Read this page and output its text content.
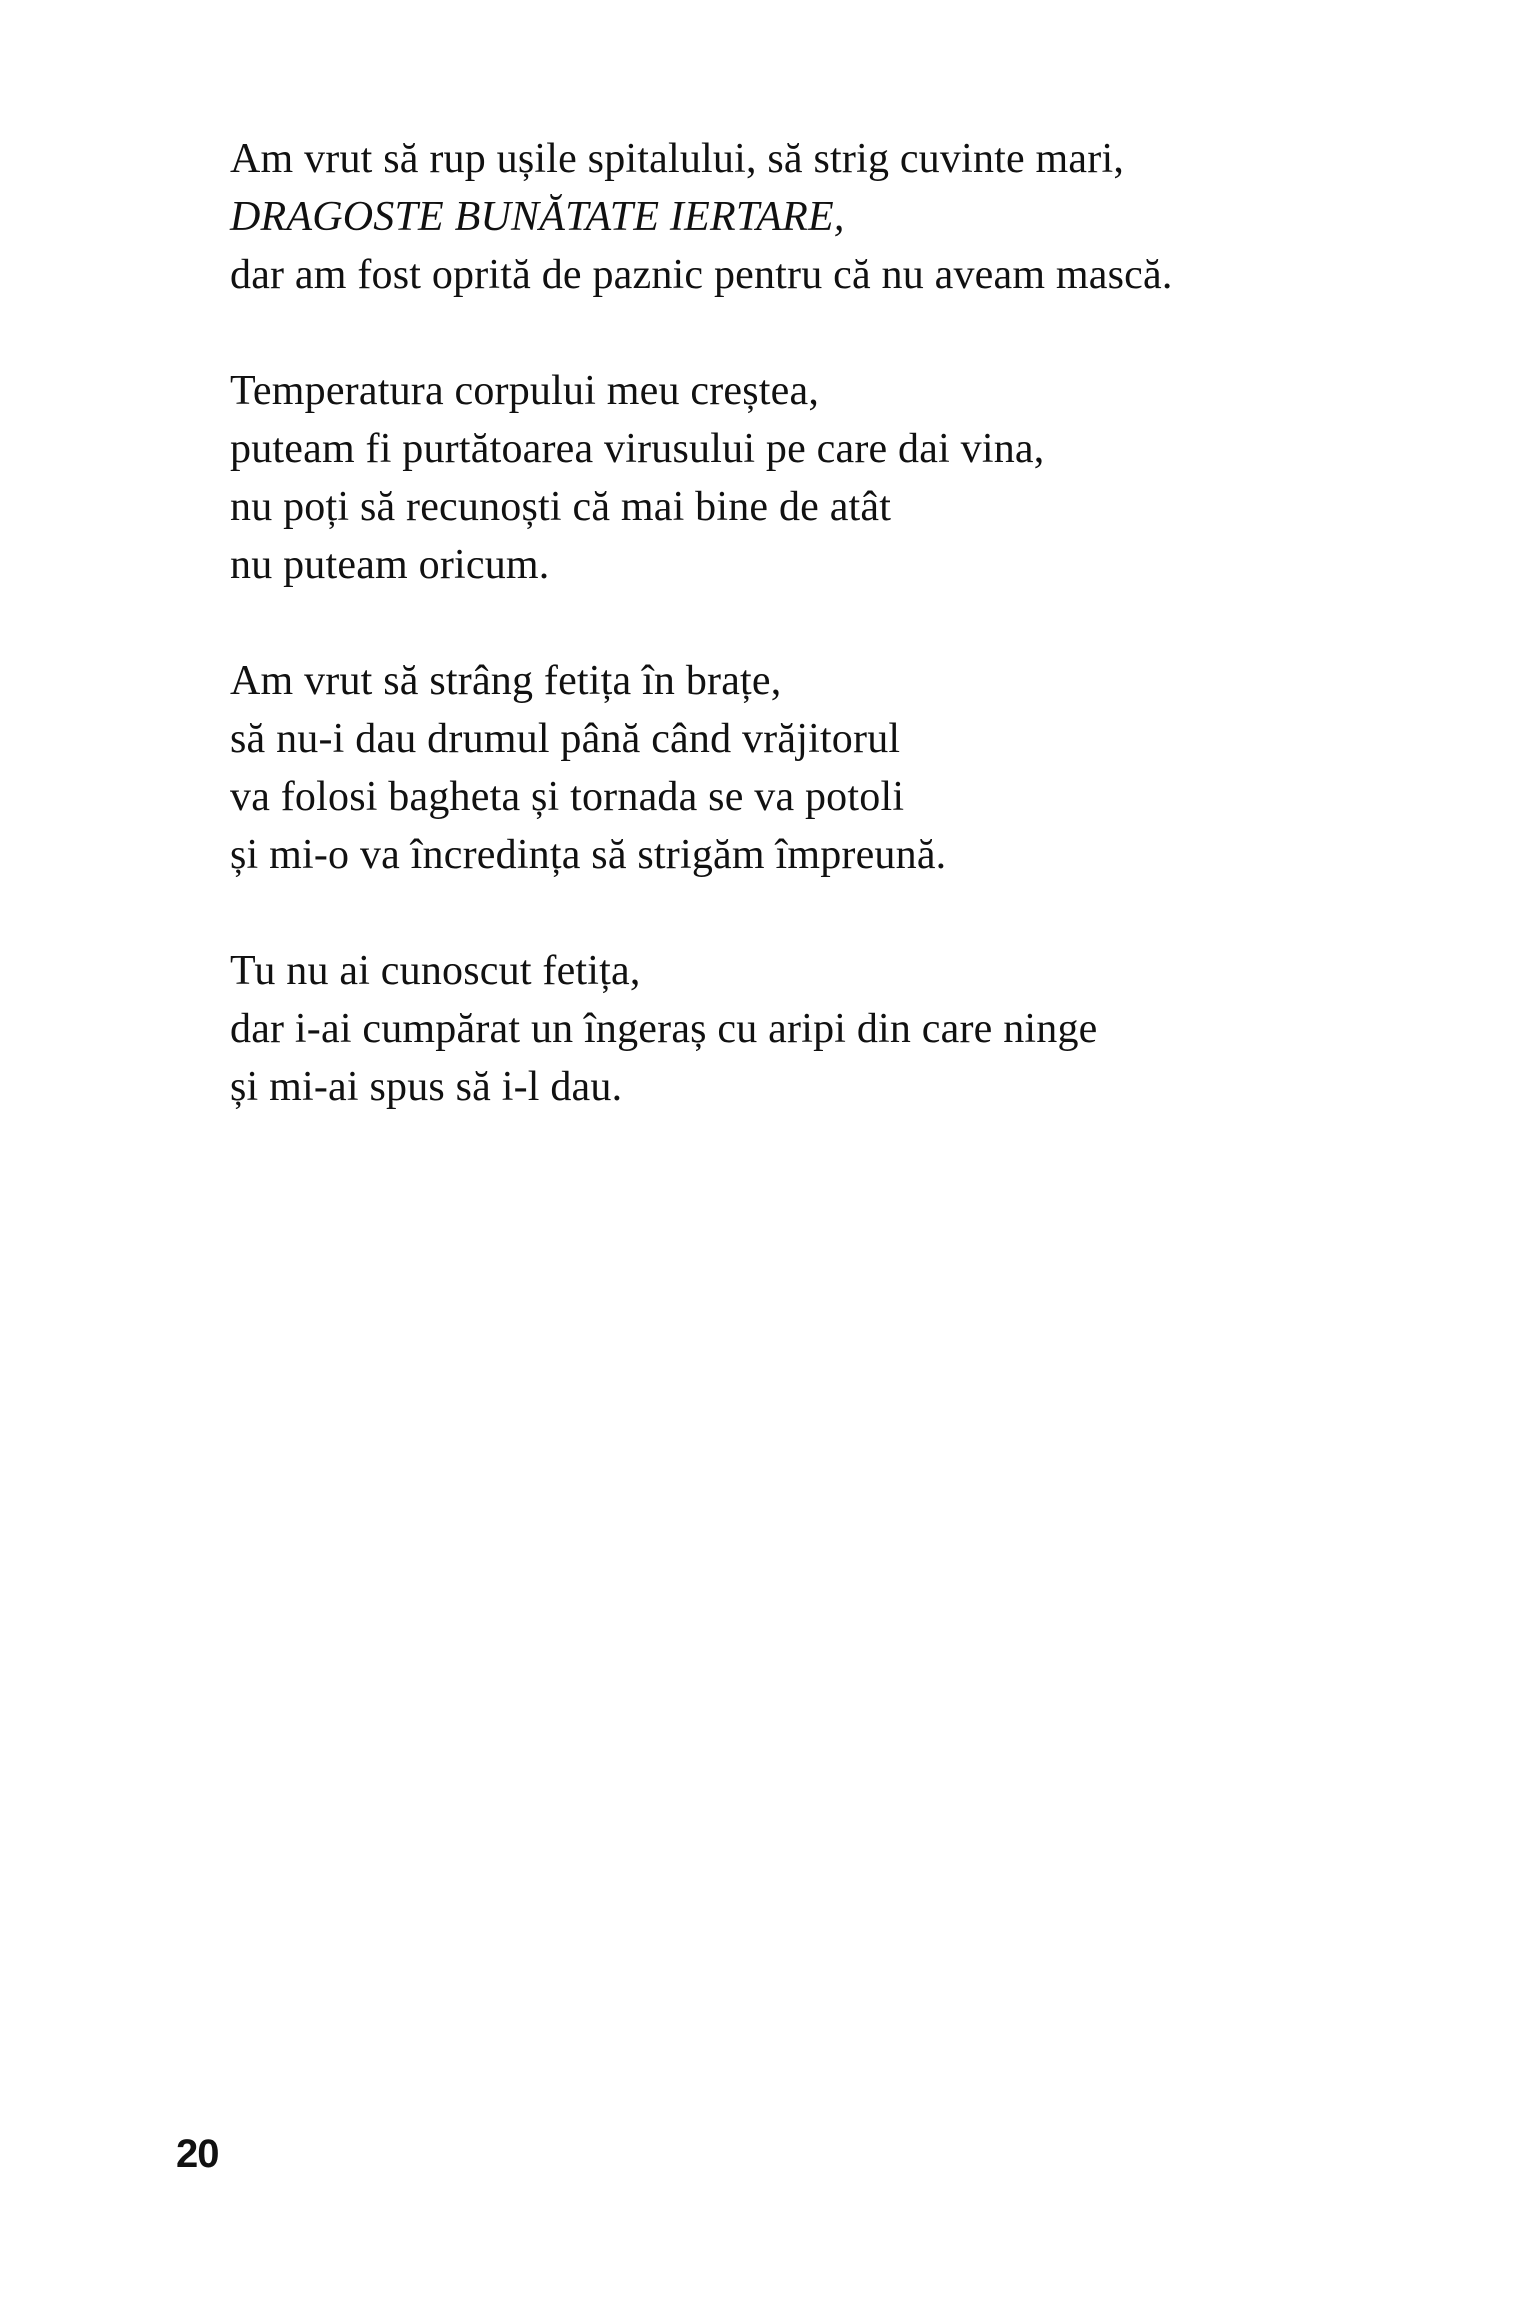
Am vrut să rup ușile spitalului, să strig cuvinte mari,
DRAGOSTE BUNĂTATE IERTARE,
dar am fost oprită de paznic pentru că nu aveam mască.
Temperatura corpului meu creștea,
puteam fi purtătoarea virusului pe care dai vina,
nu poți să recunoști că mai bine de atât
nu puteam oricum.
Am vrut să strâng fetița în brațe,
să nu-i dau drumul până când vrăjitorul
va folosi bagheta și tornada se va potoli
și mi-o va încredința să strigăm împreună.
Tu nu ai cunoscut fetița,
dar i-ai cumpărat un îngeraș cu aripi din care ninge
și mi-ai spus să i-l dau.
20
